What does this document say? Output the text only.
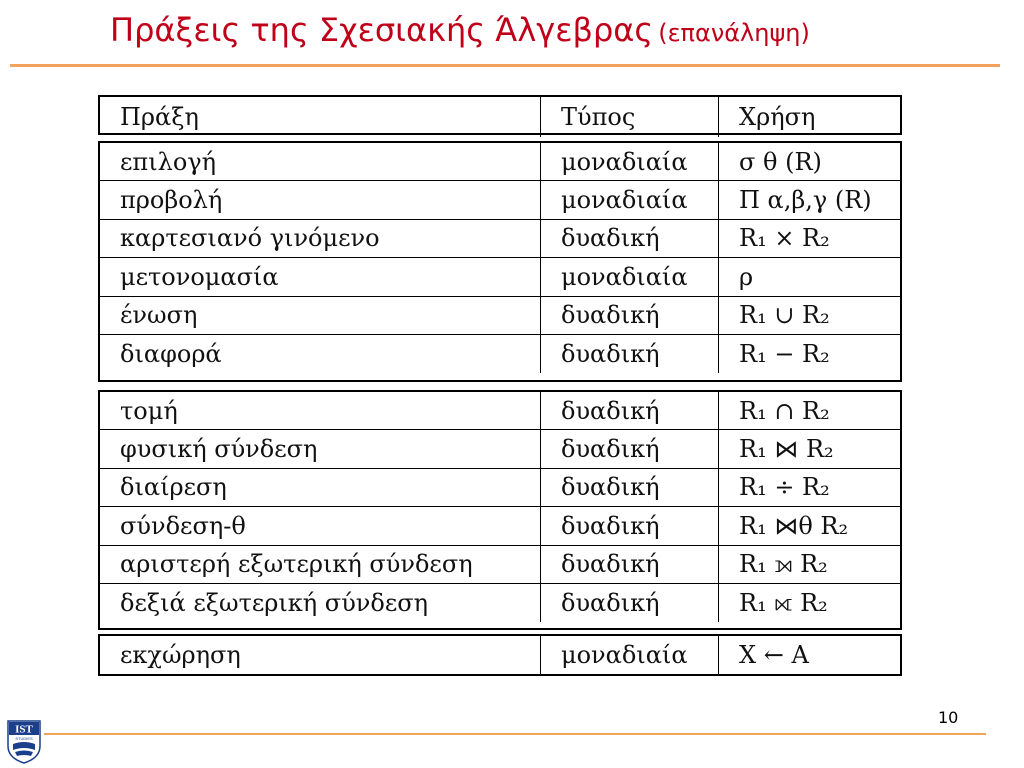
Πράξεις της Σχεσιακής Άλγεβρας (επανάληψη)
Πράξη	Τύπος	Χρήση
επιλογή	μοναδιαία	σ θ (R)
προβολή	μοναδιαία	Π α,β,γ (R)
καρτεσιανό γινόμενο	δυαδική	R₁ × R₂
μετονομασία	μοναδιαία	ρ
ένωση	δυαδική	R₁ ∪ R₂
διαφορά	δυαδική	R₁ − R₂
τομή	δυαδική	R₁ ∩ R₂
φυσική σύνδεση	δυαδική	R₁ ⋈ R₂
διαίρεση	δυαδική	R₁ ÷ R₂
σύνδεση-θ	δυαδική	R₁ ⋈θ R₂
αριστερή εξωτερική σύνδεση	δυαδική	R₁ ⟕ R₂
δεξιά εξωτερική σύνδεση	δυαδική	R₁ ⟖ R₂
εκχώρηση	μοναδιαία	X ← A
10
IST
STUDIES
